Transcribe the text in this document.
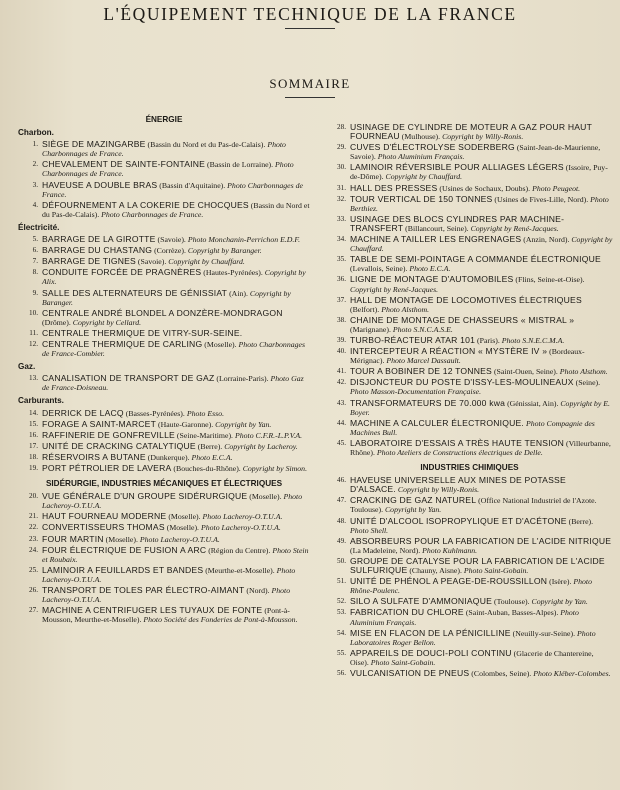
L'ÉQUIPEMENT TECHNIQUE DE LA FRANCE
SOMMAIRE
ÉNERGIE
Charbon.
1. SIÈGE DE MAZINGARBE (Bassin du Nord et du Pas-de-Calais). Photo Charbonnages de France.
2. CHEVALEMENT DE SAINTE-FONTAINE (Bassin de Lorraine). Photo Charbonnages de France.
3. HAVEUSE A DOUBLE BRAS (Bassin d'Aquitaine). Photo Charbonnages de France.
4. DÉFOURNEMENT A LA COKERIE DE CHOCQUES (Bassin du Nord et du Pas-de-Calais). Photo Charbonnages de France.
Électricité.
5. BARRAGE DE LA GIROTTE (Savoie). Photo Monchanin-Perrichon E.D.F.
6. BARRAGE DU CHASTANG (Corrèze). Copyright by Baranger.
7. BARRAGE DE TIGNES (Savoie). Copyright by Chauffard.
8. CONDUITE FORCÉE DE PRAGNÈRES (Hautes-Pyrénées). Copyright by Alix.
9. SALLE DES ALTERNATEURS DE GÉNISSIAT (Ain). Copyright by Baranger.
10. CENTRALE ANDRÉ BLONDEL A DONZÈRE-MONDRAGON (Drôme). Copyright by Cellard.
11. CENTRALE THERMIQUE DE VITRY-SUR-SEINE.
12. CENTRALE THERMIQUE DE CARLING (Moselle). Photo Charbonnages de France-Combier.
Gaz.
13. CANALISATION DE TRANSPORT DE GAZ (Lorraine-Paris). Photo Gaz de France-Doisneau.
Carburants.
14. DERRICK DE LACQ (Basses-Pyrénées). Photo Esso.
15. FORAGE A SAINT-MARCET (Haute-Garonne). Copyright by Yan.
16. RAFFINERIE DE GONFREVILLE (Seine-Maritime). Photo C.F.R.-L.P.V.A.
17. UNITÉ DE CRACKING CATALYTIQUE (Berre). Copyright by Lacheroy.
18. RÉSERVOIRS A BUTANE (Dunkerque). Photo E.C.A.
19. PORT PÉTROLIER DE LAVERA (Bouches-du-Rhône). Copyright by Simon.
SIDÉRURGIE, INDUSTRIES MÉCANIQUES ET ÉLECTRIQUES
20. VUE GÉNÉRALE D'UN GROUPE SIDÉRURGIQUE (Moselle). Photo Lacheroy-O.T.U.A.
21. HAUT FOURNEAU MODERNE (Moselle). Photo Lacheroy-O.T.U.A.
22. CONVERTISSEURS THOMAS (Moselle). Photo Lacheroy-O.T.U.A.
23. FOUR MARTIN (Moselle). Photo Lacheroy-O.T.U.A.
24. FOUR ÉLECTRIQUE DE FUSION A ARC (Région du Centre). Photo Stein et Roubaix.
25. LAMINOIR A FEUILLARDS ET BANDES (Meurthe-et-Moselle). Photo Lacheroy-O.T.U.A.
26. TRANSPORT DE TOLES PAR ÉLECTRO-AIMANT (Nord). Photo Lacheroy-O.T.U.A.
27. MACHINE A CENTRIFUGER LES TUYAUX DE FONTE (Pont-à-Mousson, Meurthe-et-Moselle). Photo Société des Fonderies de Pont-à-Mousson.
28. USINAGE DE CYLINDRE DE MOTEUR A GAZ POUR HAUT FOURNEAU (Mulhouse). Copyright by Willy-Ronis.
29. CUVES D'ÉLECTROLYSE SODERBERG (Saint-Jean-de-Maurienne, Savoie). Photo Aluminium Français.
30. LAMINOIR RÉVERSIBLE POUR ALLIAGES LÉGERS (Issoire, Puy-de-Dôme). Copyright by Chauffard.
31. HALL DES PRESSES (Usines de Sochaux, Doubs). Photo Peugeot.
32. TOUR VERTICAL DE 150 TONNES (Usines de Fives-Lille, Nord). Photo Berthiez.
33. USINAGE DES BLOCS CYLINDRES PAR MACHINE-TRANSFERT (Billancourt, Seine). Copyright by René-Jacques.
34. MACHINE A TAILLER LES ENGRENAGES (Anzin, Nord). Copyright by Chauffard.
35. TABLE DE SEMI-POINTAGE A COMMANDE ÉLECTRONIQUE (Levallois, Seine). Photo E.C.A.
36. LIGNE DE MONTAGE D'AUTOMOBILES (Flins, Seine-et-Oise). Copyright by René-Jacques.
37. HALL DE MONTAGE DE LOCOMOTIVES ÉLECTRIQUES (Belfort). Photo Alsthom.
38. CHAINE DE MONTAGE DE CHASSEURS « MISTRAL » (Marignane). Photo S.N.C.A.S.E.
39. TURBO-RÉACTEUR ATAR 101 (Paris). Photo S.N.E.C.M.A.
40. INTERCEPTEUR A RÉACTION « MYSTÈRE IV » (Bordeaux-Mérignac). Photo Marcel Dassault.
41. TOUR A BOBINER DE 12 TONNES (Saint-Ouen, Seine). Photo Alsthom.
42. DISJONCTEUR DU POSTE D'ISSY-LES-MOULINEAUX (Seine). Photo Masson-Documentation Française.
43. TRANSFORMATEURS DE 70.000 kwa (Génissiat, Ain). Copyright by E. Boyer.
44. MACHINE A CALCULER ÉLECTRONIQUE. Photo Compagnie des Machines Bull.
45. LABORATOIRE D'ESSAIS A TRÈS HAUTE TENSION (Villeurbanne, Rhône). Photo Ateliers de Constructions électriques de Delle.
INDUSTRIES CHIMIQUES
46. HAVEUSE UNIVERSELLE AUX MINES DE POTASSE D'ALSACE. Copyright by Willy-Ronis.
47. CRACKING DE GAZ NATUREL (Office National Industriel de l'Azote. Toulouse). Copyright by Yan.
48. UNITÉ D'ALCOOL ISOPROPYLIQUE ET D'ACÉTONE (Berre). Photo Shell.
49. ABSORBEURS POUR LA FABRICATION DE L'ACIDE NITRIQUE (La Madeleine, Nord). Photo Kuhlmann.
50. GROUPE DE CATALYSE POUR LA FABRICATION DE L'ACIDE SULFURIQUE (Chauny, Aisne). Photo Saint-Gobain.
51. UNITÉ DE PHÉNOL A PEAGE-DE-ROUSSILLON (Isère). Photo Rhône-Poulenc.
52. SILO A SULFATE D'AMMONIAQUE (Toulouse). Copyright by Yan.
53. FABRICATION DU CHLORE (Saint-Auban, Basses-Alpes). Photo Aluminium Français.
54. MISE EN FLACON DE LA PÉNICILLINE (Neuilly-sur-Seine). Photo Laboratoires Roger Bellon.
55. APPAREILS DE DOUCI-POLI CONTINU (Glacerie de Chantereine, Oise). Photo Saint-Gobain.
56. VULCANISATION DE PNEUS (Colombes, Seine). Photo Kléber-Colombes.
